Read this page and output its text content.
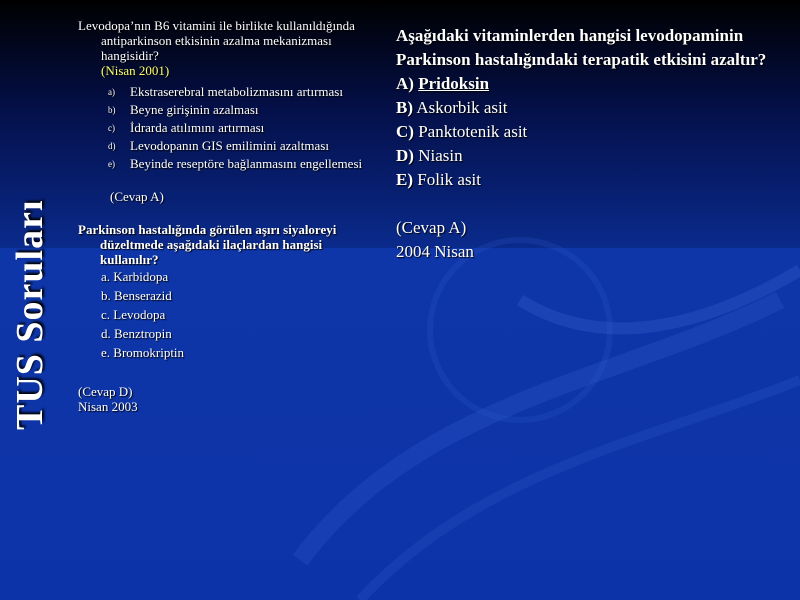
TUS Soruları
Levodopa’nın B6 vitamini ile birlikte kullanıldığında antiparkinson etkisinin azalma mekanizması hangisidir?
(Nisan 2001)
a) Ekstraserebral metabolizmasını artırması
b) Beyne girişinin azalması
c) İdrarda atılımını artırması
d) Levodopanın GIS emilimini azaltması
e) Beyinde reseptöre bağlanmasını engellemesi
(Cevap A)
Parkinson hastalığında görülen aşırı siyaloreyi düzeltmede aşağıdaki ilaçlardan hangisi kullanılır?
a. Karbidopa
b. Benserazid
c. Levodopa
d. Benztropin
e. Bromokriptin
(Cevap D)
Nisan 2003
Aşağıdaki vitaminlerden hangisi levodopaminin Parkinson hastalığındaki terapatik etkisini azaltır?
A) Pridoksin
B) Askorbik asit
C) Panktotenik asit
D) Niasin
E) Folik asit
(Cevap A)
2004 Nisan
